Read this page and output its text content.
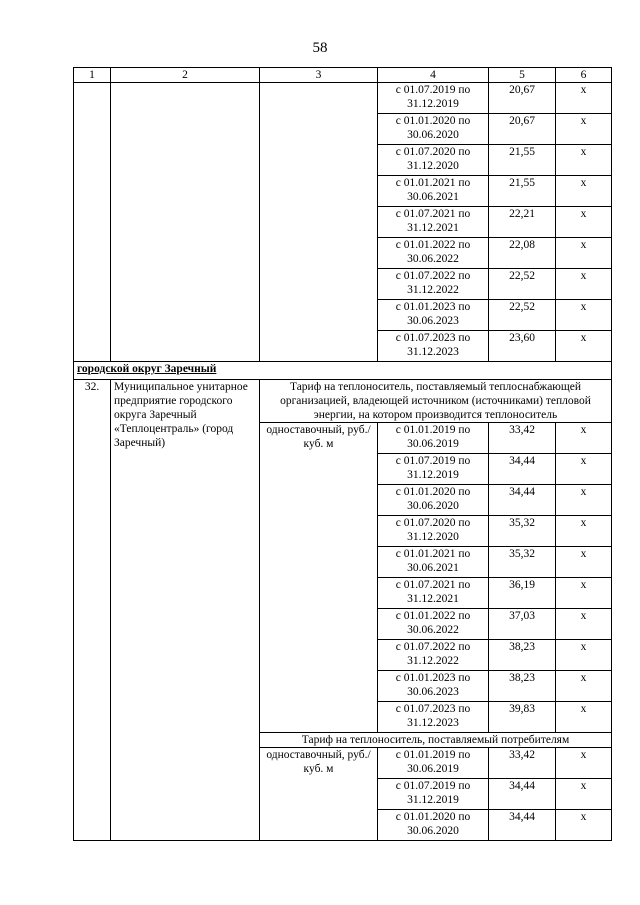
58
1	2	3	4	5	6
			с 01.07.2019 по 31.12.2019	20,67	х
			с 01.01.2020 по 30.06.2020	20,67	х
			с 01.07.2020 по 31.12.2020	21,55	х
			с 01.01.2021 по 30.06.2021	21,55	х
			с 01.07.2021 по 31.12.2021	22,21	х
			с 01.01.2022 по 30.06.2022	22,08	х
			с 01.07.2022 по 31.12.2022	22,52	х
			с 01.01.2023 по 30.06.2023	22,52	х
			с 01.07.2023 по 31.12.2023	23,60	х
городской округ Заречный					
32.	Муниципальное унитарное предприятие городского округа Заречный «Теплоцентраль» (город Заречный)	Тариф на теплоноситель, поставляемый теплоснабжающей организацией, владеющей источником (источниками) тепловой энергии, на котором производится теплоноситель			
		одноставочный, руб./куб. м	с 01.01.2019 по 30.06.2019	33,42	х
			с 01.07.2019 по 31.12.2019	34,44	х
			с 01.01.2020 по 30.06.2020	34,44	х
			с 01.07.2020 по 31.12.2020	35,32	х
			с 01.01.2021 по 30.06.2021	35,32	х
			с 01.07.2021 по 31.12.2021	36,19	х
			с 01.01.2022 по 30.06.2022	37,03	х
			с 01.07.2022 по 31.12.2022	38,23	х
			с 01.01.2023 по 30.06.2023	38,23	х
			с 01.07.2023 по 31.12.2023	39,83	х
		Тариф на теплоноситель, поставляемый потребителям			
		одноставочный, руб./куб. м	с 01.01.2019 по 30.06.2019	33,42	х
			с 01.07.2019 по 31.12.2019	34,44	х
			с 01.01.2020 по 30.06.2020	34,44	х
